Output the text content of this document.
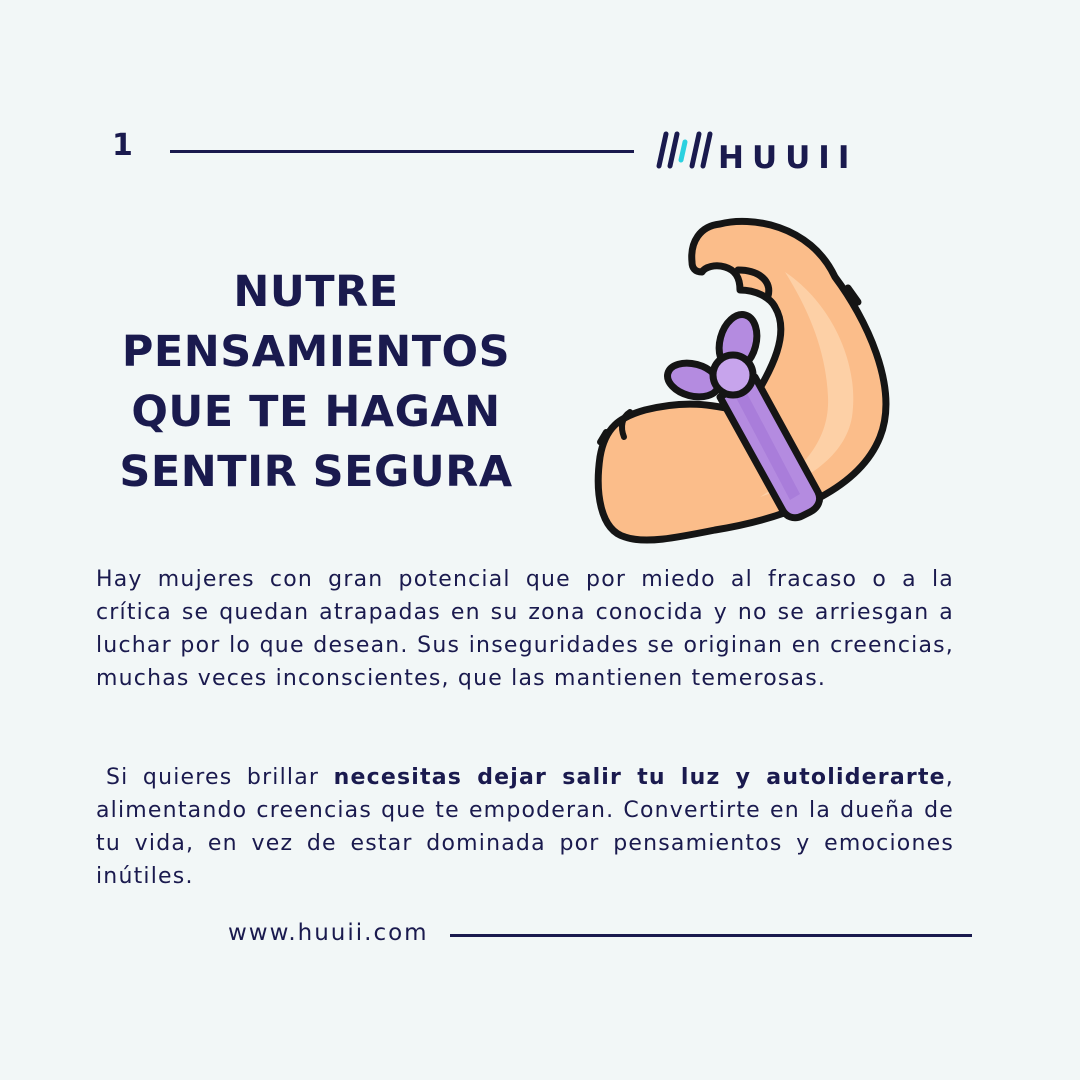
1	HUUII
NUTRE
PENSAMIENTOS
QUE TE HAGAN
SENTIR SEGURA

Hay mujeres con gran potencial que por miedo al fracaso o a la crítica se quedan atrapadas en su zona conocida y no se arriesgan a luchar por lo que desean. Sus inseguridades se originan en creencias, muchas veces inconscientes, que las mantienen temerosas.

Si quieres brillar necesitas dejar salir tu luz y autoliderarte, alimentando creencias que te empoderan. Convertirte en la dueña de tu vida, en vez de estar dominada por pensamientos y emociones inútiles.

www.huuii.com
